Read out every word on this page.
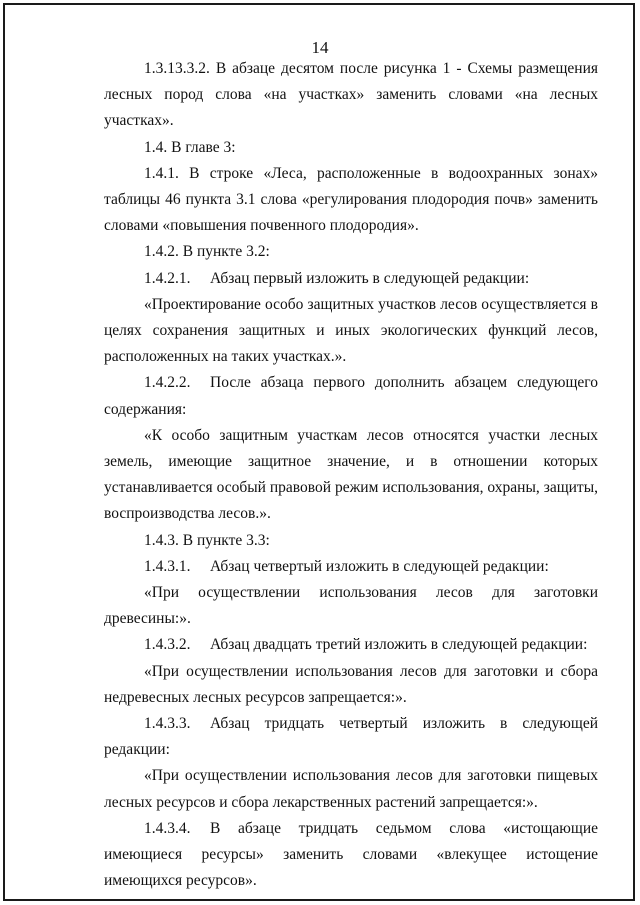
14

1.3.13.3.2. В абзаце десятом после рисунка 1 - Схемы размещения лесных пород слова «на участках» заменить словами «на лесных участках».

1.4. В главе 3:

1.4.1. В строке «Леса, расположенные в водоохранных зонах» таблицы 46 пункта 3.1 слова «регулирования плодородия почв» заменить словами «повышения почвенного плодородия».

1.4.2. В пункте 3.2:

1.4.2.1. Абзац первый изложить в следующей редакции:

«Проектирование особо защитных участков лесов осуществляется в целях сохранения защитных и иных экологических функций лесов, расположенных на таких участках.».

1.4.2.2. После абзаца первого дополнить абзацем следующего содержания:

«К особо защитным участкам лесов относятся участки лесных земель, имеющие защитное значение, и в отношении которых устанавливается особый правовой режим использования, охраны, защиты, воспроизводства лесов.».

1.4.3. В пункте 3.3:

1.4.3.1. Абзац четвертый изложить в следующей редакции:

«При осуществлении использования лесов для заготовки древесины:».

1.4.3.2. Абзац двадцать третий изложить в следующей редакции:

«При осуществлении использования лесов для заготовки и сбора недревесных лесных ресурсов запрещается:».

1.4.3.3. Абзац тридцать четвертый изложить в следующей редакции:

«При осуществлении использования лесов для заготовки пищевых лесных ресурсов и сбора лекарственных растений запрещается:».

1.4.3.4. В абзаце тридцать седьмом слова «истощающие имеющиеся ресурсы» заменить словами «влекущее истощение имеющихся ресурсов».
